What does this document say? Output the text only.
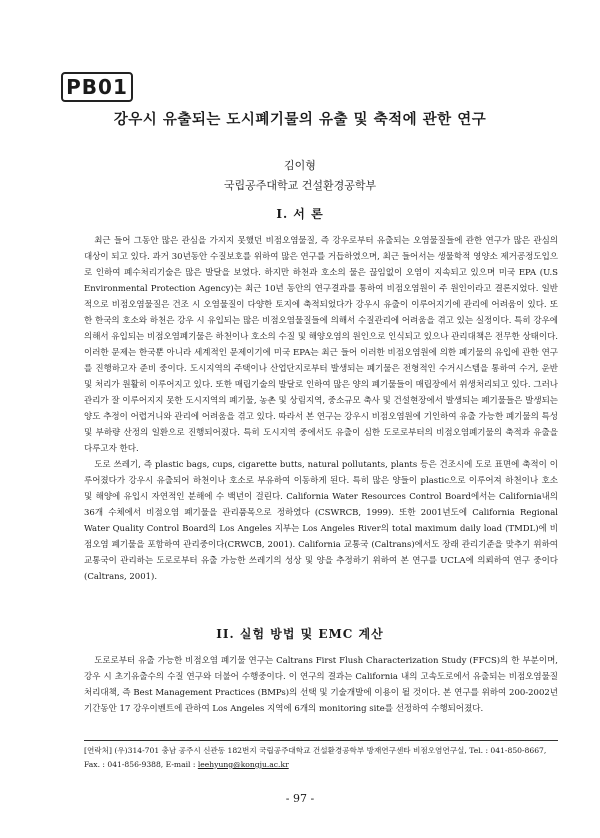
PB01
강우시 유출되는 도시폐기물의 유출 및 축적에 관한 연구
김이형
국립공주대학교 건설환경공학부
I. 서 론

최근 들어 그동안 많은 관심을 가지지 못했던 비점오염물질, 즉 강우로부터 유출되는 오염물질들에 관한 연구가 많은 관심의 대상이 되고 있다. 과거 30년동안 수질보호를 위하여 많은 연구를 거듭하였으며, 최근 들어서는 생물학적 영양소 제거공정도입으로 인하여 폐수처리기술은 많은 발달을 보였다. 하지만 하천과 호소의 물은 끊임없이 오염이 지속되고 있으며 미국 EPA (U.S Environmental Protection Agency)는 최근 10년 동안의 연구결과를 통하여 비점오염원이 주 원인이라고 결론지었다. 일반적으로 비점오염물질은 건조 시 오염물질이 다양한 토지에 축적되었다가 강우시 유출이 이루어지기에 관리에 어려움이 있다. 또한 한국의 호소와 하천은 강우 시 유입되는 많은 비점오염물질들에 의해서 수질관리에 어려움을 겪고 있는 실정이다. 특히 강우에 의해서 유입되는 비점오염폐기물은 하천이나 호소의 수질 및 해양오염의 원인으로 인식되고 있으나 관리대책은 전무한 상태이다. 이러한 문제는 한국뿐 아니라 세계적인 문제이기에 미국 EPA는 최근 들어 이러한 비점오염원에 의한 폐기물의 유입에 관한 연구를 진행하고자 준비 중이다. 도시지역의 주택이나 산업단지로부터 발생되는 폐기물은 전형적인 수거시스템을 통하여 수거, 운반 및 처리가 원활히 이루어지고 있다. 또한 매립기술의 발달로 인하여 많은 양의 폐기물들이 매립장에서 위생처리되고 있다. 그러나 관리가 잘 이루어지지 못한 도시지역의 폐기물, 농촌 및 상림지역, 중소규모 축사 및 건설현장에서 발생되는 폐기물들은 발생되는 양도 추정이 어렵거니와 관리에 어려움을 겪고 있다. 따라서 본 연구는 강우시 비점오염원에 기인하여 유출 가능한 폐기물의 특성 및 부하량 산정의 일환으로 진행되어졌다. 특히 도시지역 중에서도 유출이 심한 도로로부터의 비점오염폐기물의 축적과 유출을 다루고자 한다.

도로 쓰레기, 즉 plastic bags, cups, cigarette butts, natural pollutants, plants 등은 건조시에 도로 표면에 축적이 이루어졌다가 강우시 유출되어 하천이나 호소로 부유하여 이동하게 된다. 특히 많은 양들이 plastic으로 이루어져 하천이나 호소 및 해양에 유입시 자연적인 분해에 수 백년이 걸린다. California Water Resources Control Board에서는 California내의 36개 수체에서 비점오염 폐기물을 관리품목으로 정하였다 (CSWRCB, 1999). 또한 2001년도에 California Regional Water Quality Control Board의 Los Angeles 지부는 Los Angeles River의 total maximum daily load (TMDL)에 비점오염 폐기물을 포함하여 관리중이다(CRWCB, 2001). California 교통국 (Caltrans)에서도 장래 관리기준을 맞추기 위하여 교통국이 관리하는 도로로부터 유출 가능한 쓰레기의 성상 및 양을 추정하기 위하여 본 연구를 UCLA에 의뢰하여 연구 중이다(Caltrans, 2001).

II. 실험 방법 및 EMC 계산

도로로부터 유출 가능한 비점오염 폐기물 연구는 Caltrans First Flush Characterization Study (FFCS)의 한 부분이며, 강우 시 초기유출수의 수질 연구와 더불어 수행중이다. 이 연구의 결과는 California 내의 고속도로에서 유출되는 비점오염물질 처리대책, 즉 Best Management Practices (BMPs)의 선택 및 기술개발에 이용이 될 것이다. 본 연구를 위하여 200-2002년 기간동안 17 강우이벤트에 관하여 Los Angeles 지역에 6개의 monitoring site를 선정하여 수행되어졌다.

[연락처] (우)314-701 충남 공주시 신관동 182번지 국립공주대학교 건설환경공학부 방재연구센타 비점오염연구실, Tel. : 041-850-8667, Fax. : 041-856-9388, E-mail : leehyung@kongju.ac.kr
- 97 -
